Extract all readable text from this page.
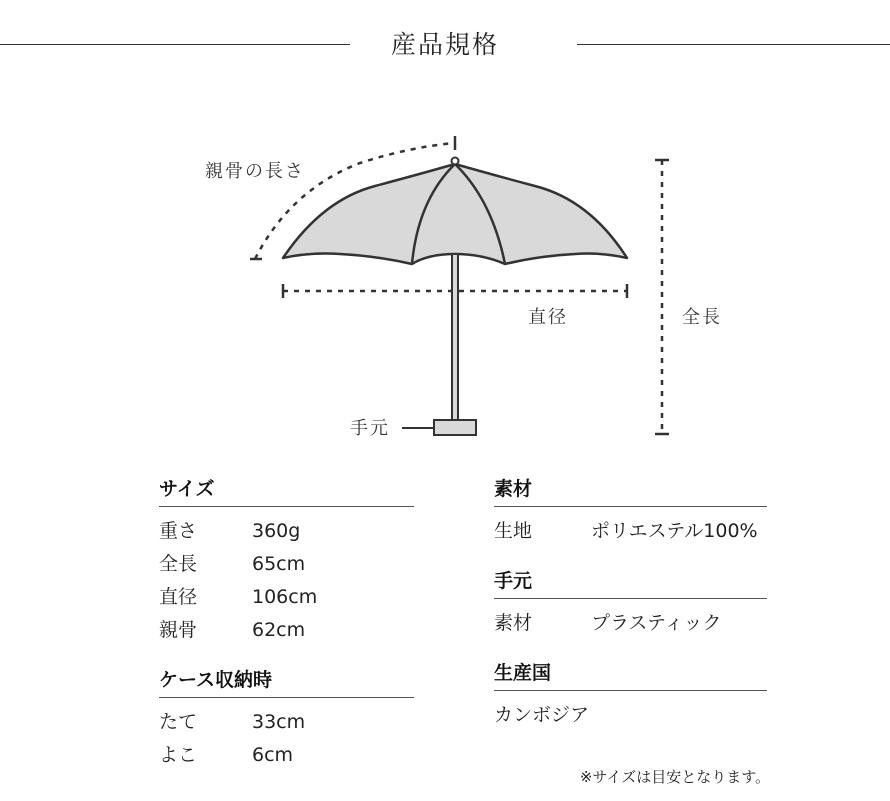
産品規格
親骨の長さ
直径	全長
手元
サイズ
重さ	360g
全長	65cm
直径	106cm
親骨	62cm
ケース収納時
たて	33cm
よこ	6cm
素材
生地	ポリエステル100%
手元
素材	プラスティック
生産国
カンボジア
※サイズは目安となります。
